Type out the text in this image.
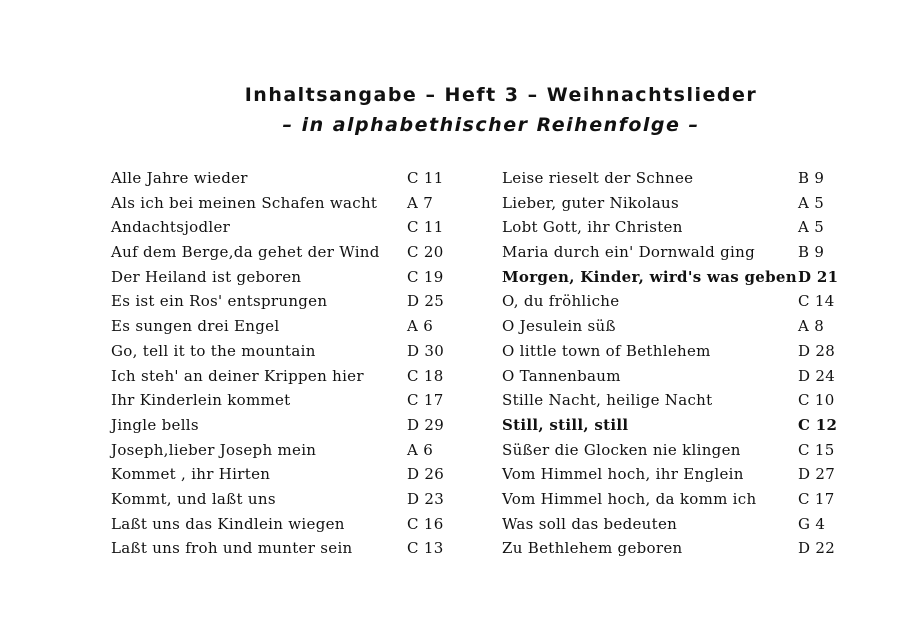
Inhaltsangabe – Heft 3 – Weihnachtslieder
– in alphabethischer Reihenfolge –
Alle Jahre wieder	C 11
Als ich bei meinen Schafen wacht A 7
Andachtsjodler	C 11
Auf dem Berge,da gehet der Wind C 20
Der Heiland ist geboren	C 19
Es ist ein Ros' entsprungen	D 25
Es sungen drei Engel	A 6
Go, tell it to the mountain	D 30
Ich steh' an deiner Krippen hier	C 18
Ihr Kinderlein kommet	C 17
Jingle bells	D 29
Joseph,lieber Joseph mein	A 6
Kommet , ihr Hirten	D 26
Kommt, und laßt uns	D 23
Laßt uns das Kindlein wiegen	C 16
Laßt uns froh und munter sein	C 13
Leise rieselt der Schnee	B 9
Lieber, guter Nikolaus	A 5
Lobt Gott, ihr Christen	A 5
Maria durch ein' Dornwald ging	B 9
Morgen, Kinder, wird's was geben D 21
O, du fröhliche	C 14
O Jesulein süß	A 8
O little town of Bethlehem	D 28
O Tannenbaum	D 24
Stille Nacht, heilige Nacht	C 10
Still, still, still	C 12
Süßer die Glocken nie klingen	C 15
Vom Himmel hoch, ihr Englein	D 27
Vom Himmel hoch, da komm ich	C 17
Was soll das bedeuten	G 4
Zu Bethlehem geboren	D 22
